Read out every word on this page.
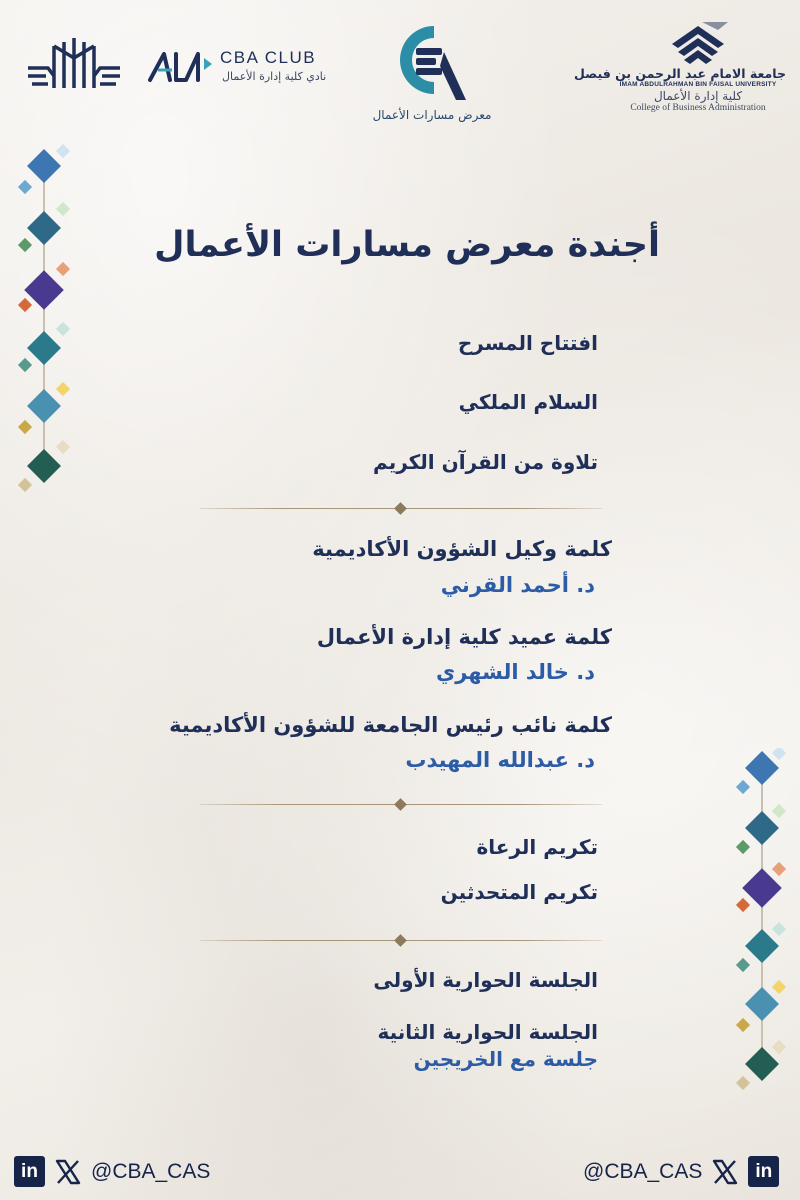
CBA CLUB
نادي كلية إدارة الأعمال
معرض مسارات الأعمال
جامعة الامام عبد الرحمن بن فيصل
IMAM ABDULRAHMAN BIN FAISAL UNIVERSITY
كلية إدارة الأعمال
College of Business Administration
أجندة معرض مسارات الأعمال
افتتاح المسرح
السلام الملكي
تلاوة من القرآن الكريم
كلمة وكيل الشؤون الأكاديمية
د. أحمد القرني
كلمة عميد كلية إدارة الأعمال
د. خالد الشهري
كلمة نائب رئيس الجامعة للشؤون الأكاديمية
د. عبدالله المهيدب
تكريم الرعاة
تكريم المتحدثين
الجلسة الحوارية الأولى
الجلسة الحوارية الثانية
جلسة مع الخريجين
in	@CBA_CAS	@CBA_CAS	in
